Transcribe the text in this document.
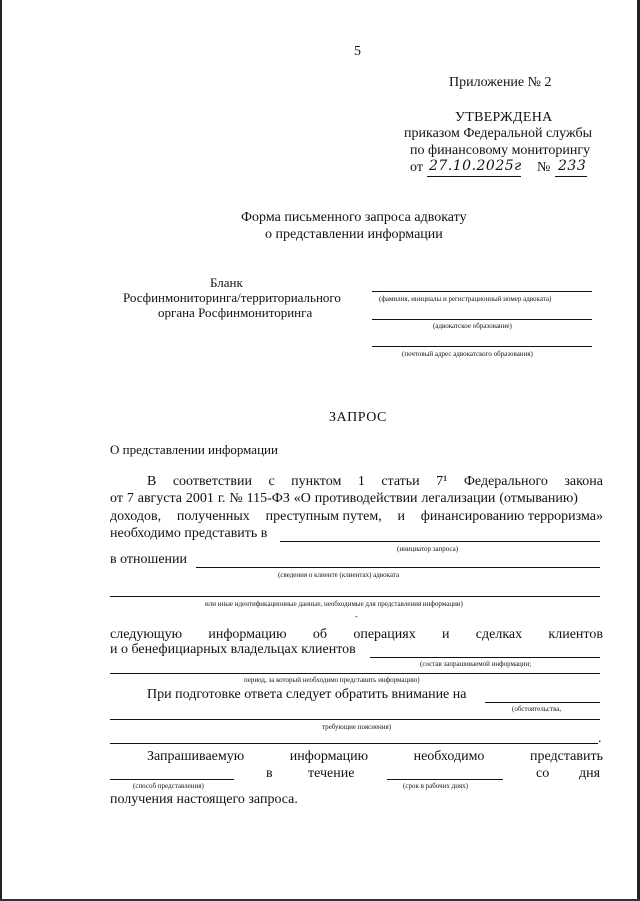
5
Приложение № 2
УТВЕРЖДЕНА
приказом Федеральной службы
по финансовому мониторингу
от 27.10.2025г № 233
Форма письменного запроса адвокату
о представлении информации
Бланк
Росфинмониторинга/территориального
органа Росфинмониторинга
(фамилия, инициалы и регистрационный номер адвоката)
(адвокатское образование)
(почтовый адрес адвокатского образования)
ЗАПРОС
О представлении информации
В соответствии с пунктом 1 статьи 7¹ Федерального закона
от 7 августа 2001 г. № 115-ФЗ «О противодействии легализации (отмыванию)
доходов, полученных преступным путем, и финансированию терроризма»
необходимо представить в
(инициатор запроса)
в отношении
(сведения о клиенте (клиентах) адвоката
или иные идентификационные данные, необходимые для представления информации)
-
следующую информацию об операциях и сделках клиентов
и о бенефициарных владельцах клиентов
(состав запрашиваемой информации;
период, за который необходимо представить информацию)
При подготовке ответа следует обратить внимание на
(обстоятельства,
требующие пояснения)
.
Запрашиваемую	информацию	необходимо	представить
(способ представления)
в	течение
(срок в рабочих днях)
со дня
получения настоящего запроса.
